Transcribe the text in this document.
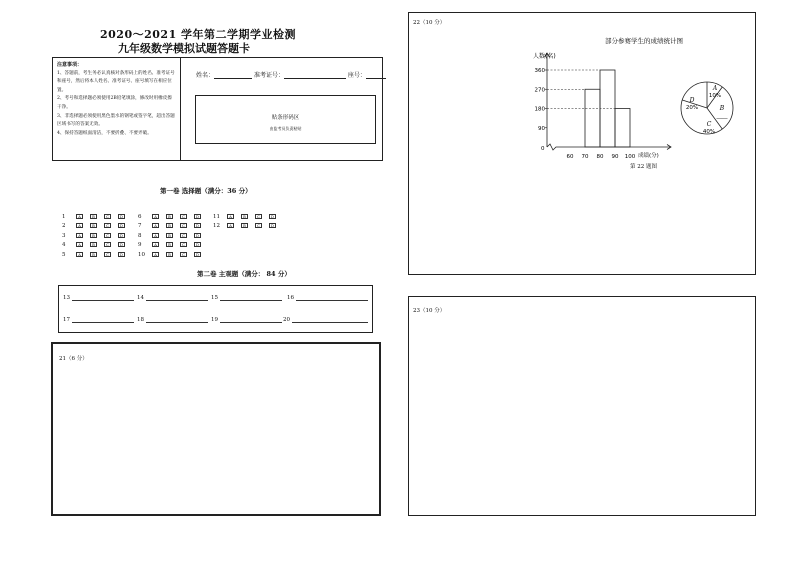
2020～2021 学年第二学期学业检测
九年级数学模拟试题答题卡
注意事项：
1、答题前，考生务必认真核对条形码上的姓名、准考证号和座号，然后将本人姓名、准考证号、座号填写在相应位置。
2、考号和选择题必须使用2B铅笔填涂，修改时用橡皮擦干净。
3、非选择题必须使用黑色墨水的钢笔或签字笔，超出答题区域书写的答案无效。
4、保持答题纸面清洁，不要折叠、不要弄破。
姓名：	准考证号：	座号：
贴条形码区
由监考员负责粘贴
第一卷 选择题（满分：36 分）
1	A	B	C	D
2	A	B	C	D
3	A	B	C	D
4	A	B	C	D
5	A	B	C	D
6	A	B	C	D
7	A	B	C	D
8	A	B	C	D
9	A	B	C	D
10	A	B	C	D
11	A	B	C	D
12	A	B	C	D
第二卷 主观题（满分： 84 分）
13	14	15	16
17	18	19	20
21（6 分）
22（10 分）
部分参赛学生的成绩统计图
人数(名)
成绩(分)
90
180
270
360
0
60 70 80 90 100
A
10%
B
____
C
40%
D
20%
第 22 题图
23（10 分）
